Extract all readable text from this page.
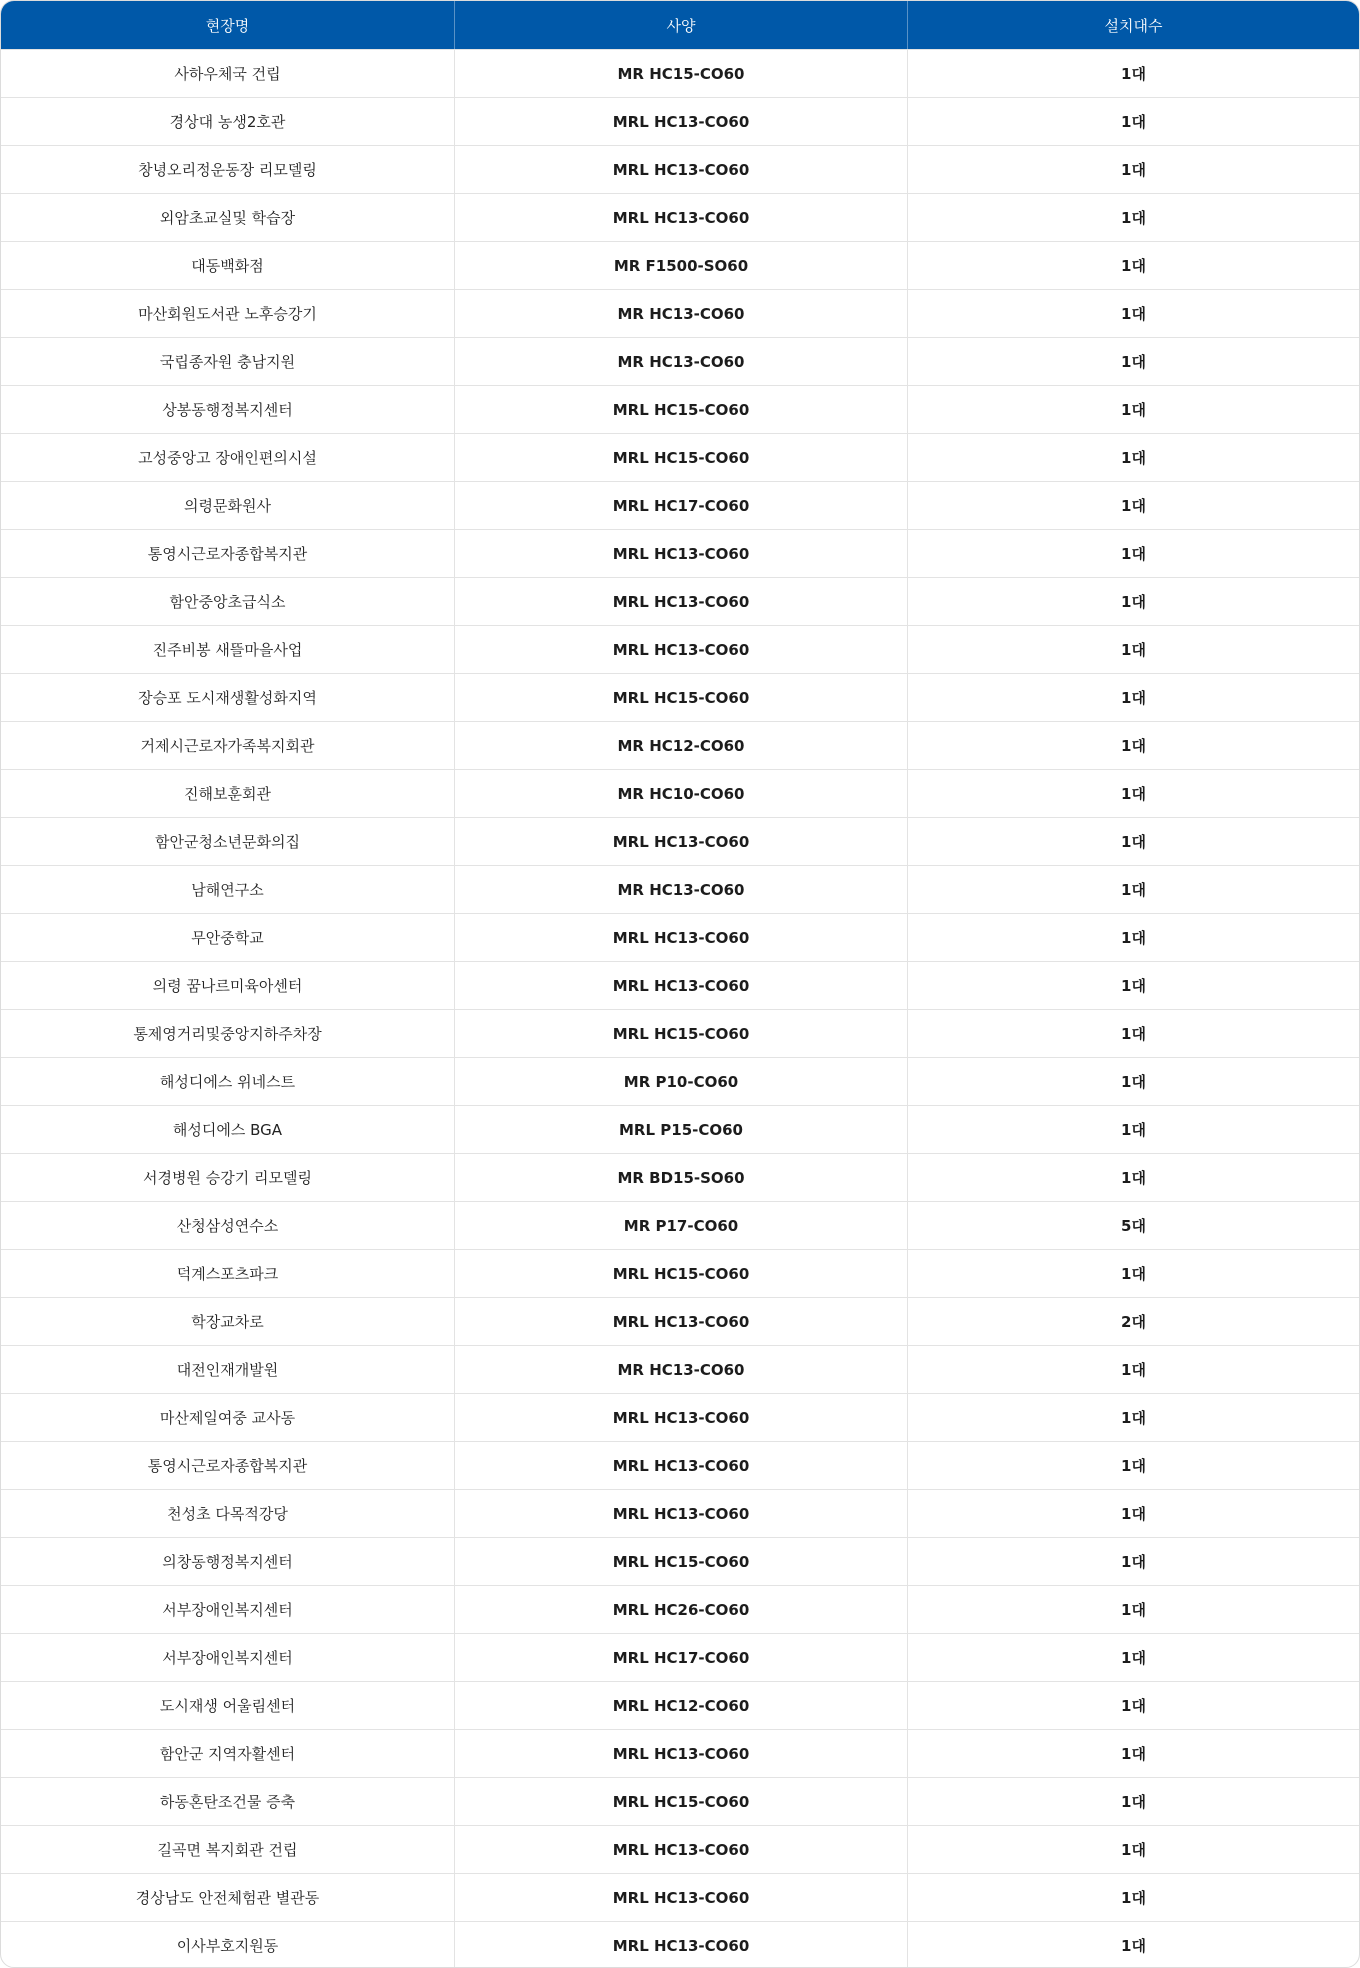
현장명	사양	설치대수
사하우체국 건립	MR HC15-CO60	1대
경상대 농생2호관	MRL HC13-CO60	1대
창녕오리정운동장 리모델링	MRL HC13-CO60	1대
외암초교실및 학습장	MRL HC13-CO60	1대
대동백화점	MR F1500-SO60	1대
마산회원도서관 노후승강기	MR HC13-CO60	1대
국립종자원 충남지원	MR HC13-CO60	1대
상봉동행정복지센터	MRL HC15-CO60	1대
고성중앙고 장애인편의시설	MRL HC15-CO60	1대
의령문화원사	MRL HC17-CO60	1대
통영시근로자종합복지관	MRL HC13-CO60	1대
함안중앙초급식소	MRL HC13-CO60	1대
진주비봉 새뜰마을사업	MRL HC13-CO60	1대
장승포 도시재생활성화지역	MRL HC15-CO60	1대
거제시근로자가족복지회관	MR HC12-CO60	1대
진해보훈회관	MR HC10-CO60	1대
함안군청소년문화의집	MRL HC13-CO60	1대
남해연구소	MR HC13-CO60	1대
무안중학교	MRL HC13-CO60	1대
의령 꿈나르미육아센터	MRL HC13-CO60	1대
통제영거리및중앙지하주차장	MRL HC15-CO60	1대
해성디에스 위네스트	MR P10-CO60	1대
해성디에스 BGA	MRL P15-CO60	1대
서경병원 승강기 리모델링	MR BD15-SO60	1대
산청삼성연수소	MR P17-CO60	5대
덕계스포츠파크	MRL HC15-CO60	1대
학장교차로	MRL HC13-CO60	2대
대전인재개발원	MR HC13-CO60	1대
마산제일여중 교사동	MRL HC13-CO60	1대
통영시근로자종합복지관	MRL HC13-CO60	1대
천성초 다목적강당	MRL HC13-CO60	1대
의창동행정복지센터	MRL HC15-CO60	1대
서부장애인복지센터	MRL HC26-CO60	1대
서부장애인복지센터	MRL HC17-CO60	1대
도시재생 어울림센터	MRL HC12-CO60	1대
함안군 지역자활센터	MRL HC13-CO60	1대
하동혼탄조건물 증축	MRL HC15-CO60	1대
길곡면 복지회관 건립	MRL HC13-CO60	1대
경상남도 안전체험관 별관동	MRL HC13-CO60	1대
이사부호지원동	MRL HC13-CO60	1대
